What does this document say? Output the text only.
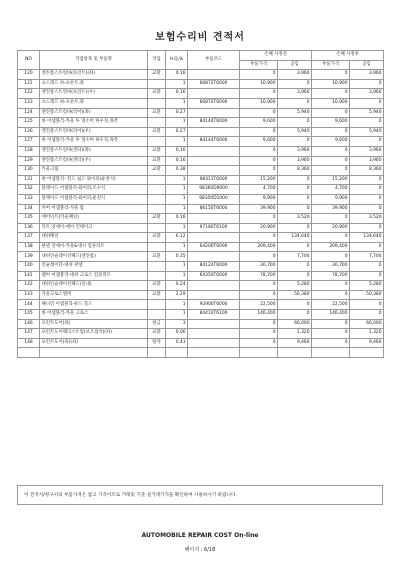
보험수리비 견적서
NO	작업항목 및 부품명	작업	H.Q,%	부품코드	손해 사정전		손해 사정후	
					부품가격	공임	부품가격	공임
120	엔진룸스트럿바(프런트)(좌)	교환	0.16		0	3,960	0	3,960
121	쇼드레드 바-프론트,좌		1	66872T6000	10,900	0	10,900	0
122	엔진룸스트럿바(프런트)(우)	교환	0.16		0	3,960	0	3,960
123	쇼드레드 바-프론트,좌		1	66872T6000	10,900	0	10,900	0
124	엔진룸스트럿바(리어)(좌)	교환	0.27		0	5,940	0	5,940
125	바 어셈블리-카울 투 엎소버 하우징,좌측		1	84144T6000	9,600	0	9,600	0
126	엔진룸스트럿바(리어)(우)	교환	0.27		0	5,940	0	5,940
127	바 어셈블리-카울 투 엎소버 하우징,좌측		1	84144T6000	9,600	0	9,600	0
128	엔진룸스트럿바(센터)(좌)	교환	0.16		0	3,960	0	3,960
129	엔진룸스트럿바(센터)(우)	교환	0.16		0	3,960	0	3,960
130	카울크림	교환	0.38		0	8,360	0	8,360
131	판 어셈블리- 윈드 쉴드 와이퍼(운전석)		1	98311T6000	15,200	0	15,200	0
132	블레이드 어셈블리-와이퍼,조수석		1	98360D9000	4,700	0	4,700	0
133	블레이드 어셈블리-와이퍼,운전석		1	98350D1000	9,900	0	9,900	0
134	커버 어셈블리-카울 톱		1	86150T6000	39,900	0	39,900	0
135	에어덕트(카울패널)	교환	0.16		0	3,520	0	3,520
136	덕트 앗세이-에어 인테이크		1	97180T6100	20,900	0	20,900	0
137	대쉬패널	교환	6.12		0	134,640	0	134,640
138	판넬 앗세이-카울&대시 컴플리트		1	64200T6000	209,400	0	209,400	0
139	대쉬인슐레이션패드(엔진룸)	교환	0.35		0	7,700	0	7,700
140	인슐레이터-대쉬 판넬		1	84124T6000	30,700	0	30,700	0
141	멤버 어셈블리-대쉬 크로스 컴플리트		1	64350T6000	78,700	0	78,700	0
142	대쉬인슐레이션패드(실내)	교환	0.24		0	5,280	0	5,280
143	카울크로스멤버	교환	2.29		0	50,380	0	50,380
144	패니언 어셈블리-퓨드 홀드		1	92900T6000	22,500	0	22,500	0
145	바 어셈블리-카울 크로스		1	84410T6100	140,400	0	140,400	0
146	프런트도어(좌)	판금	3		0	66,000	0	66,000
147	프런트도어웨더스트립(보조접착)(좌)	교환	0.06		0	1,320	0	1,320
148	프런트도어(좌)(좌)	탈착	0.43		0	9,460	0	9,460

이 견적서/청구서의 부품가격은 참고 가격이므로 거래및 기준 실거래가격을 확인하여 사용하시기 바랍니다.
AUTOMOBILE REPAIR COST On-line
페이지 : 6/18
